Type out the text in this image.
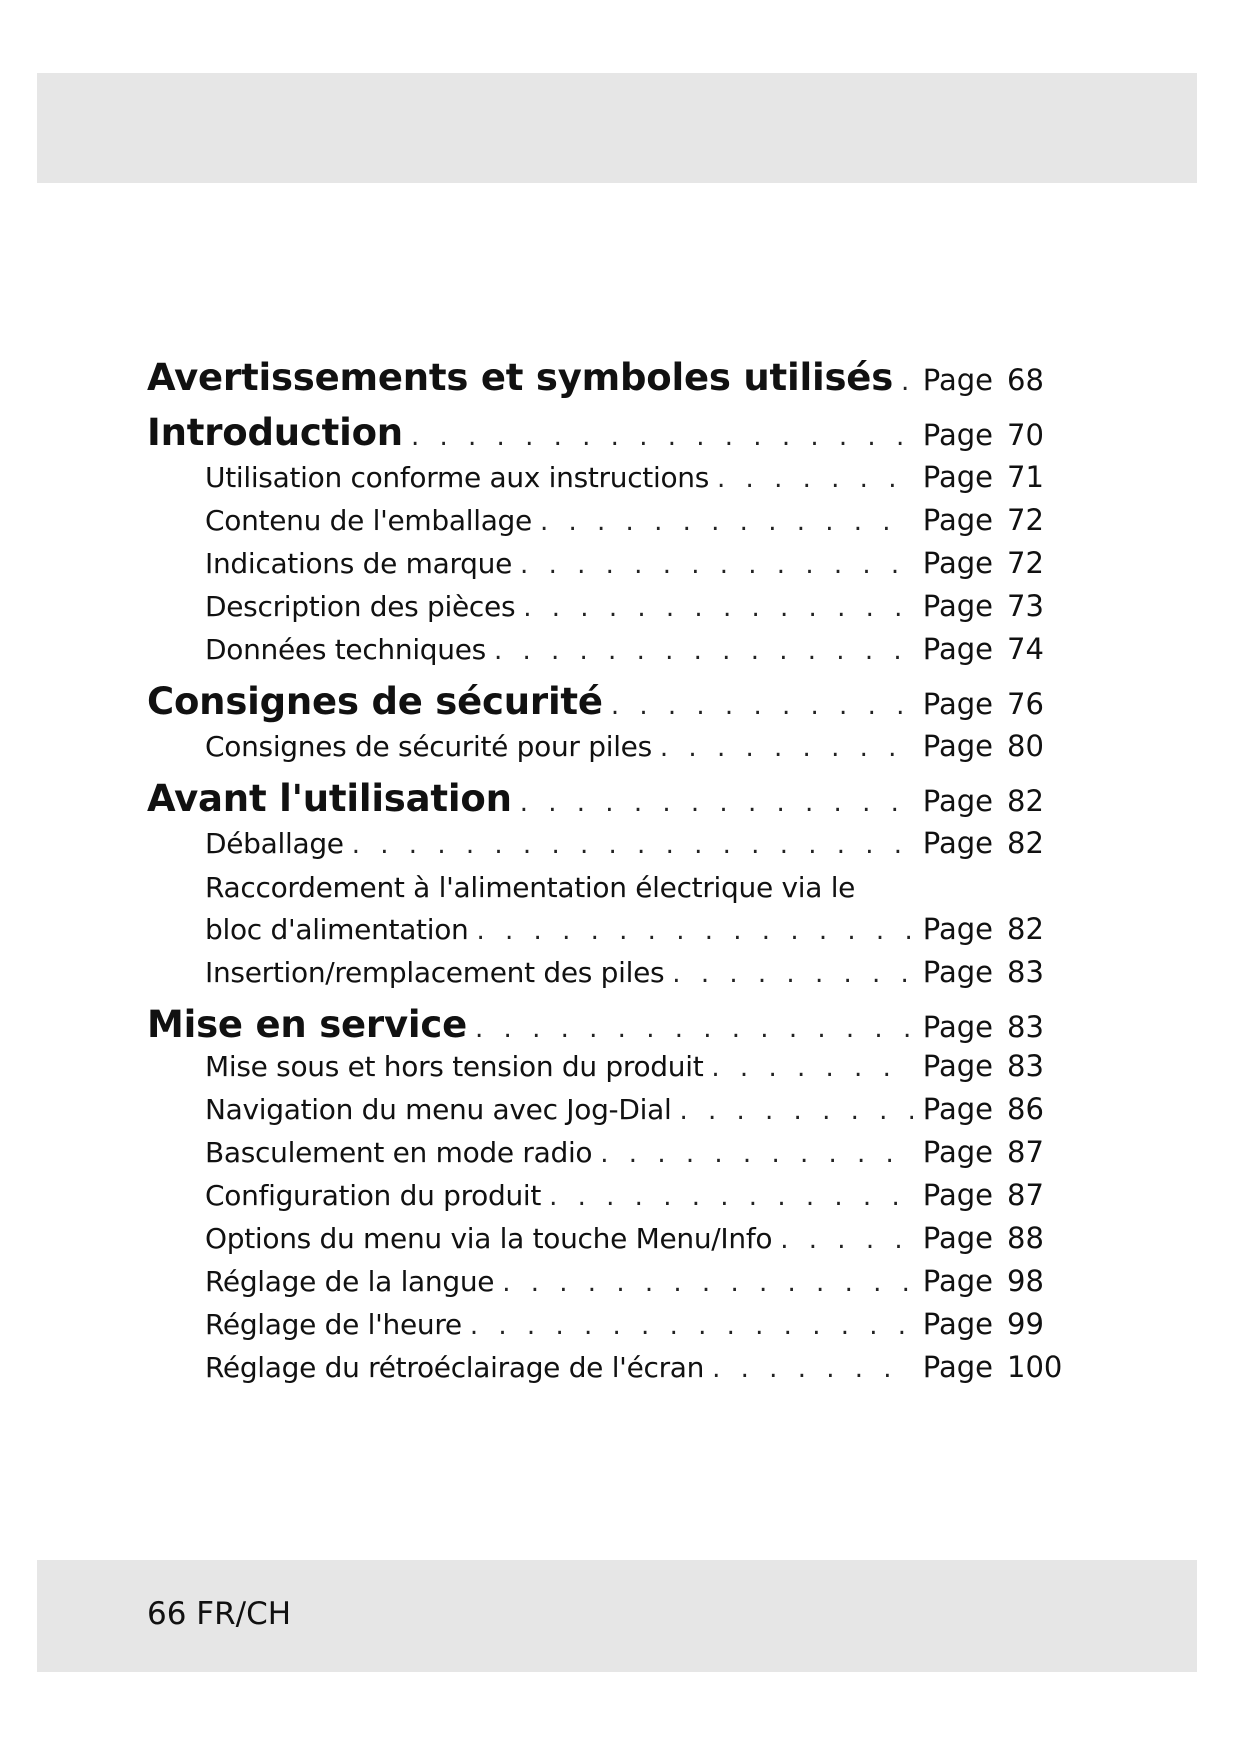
Avertissements et symboles utilisés . . . Page 68
Introduction . . .	Page 70
Utilisation conforme aux instructions . . .	Page 71
Contenu de l'emballage . . .	Page 72
Indications de marque . . .	Page 72
Description des pièces . . .	Page 73
Données techniques . . .	Page 74
Consignes de sécurité . . .	Page 76
Consignes de sécurité pour piles . . .	Page 80
Avant l'utilisation . . .	Page 82
Déballage . . .	Page 82
Raccordement à l'alimentation électrique via le
bloc d'alimentation . . .	Page 82
Insertion/remplacement des piles . . .	Page 83
Mise en service . . .	Page 83
Mise sous et hors tension du produit . . .	Page 83
Navigation du menu avec Jog-Dial . . .	Page 86
Basculement en mode radio . . .	Page 87
Configuration du produit . . .	Page 87
Options du menu via la touche Menu/Info . . .	Page 88
Réglage de la langue . . .	Page 98
Réglage de l'heure . . .	Page 99
Réglage du rétroéclairage de l'écran . . .	Page 100
66 FR/CH
